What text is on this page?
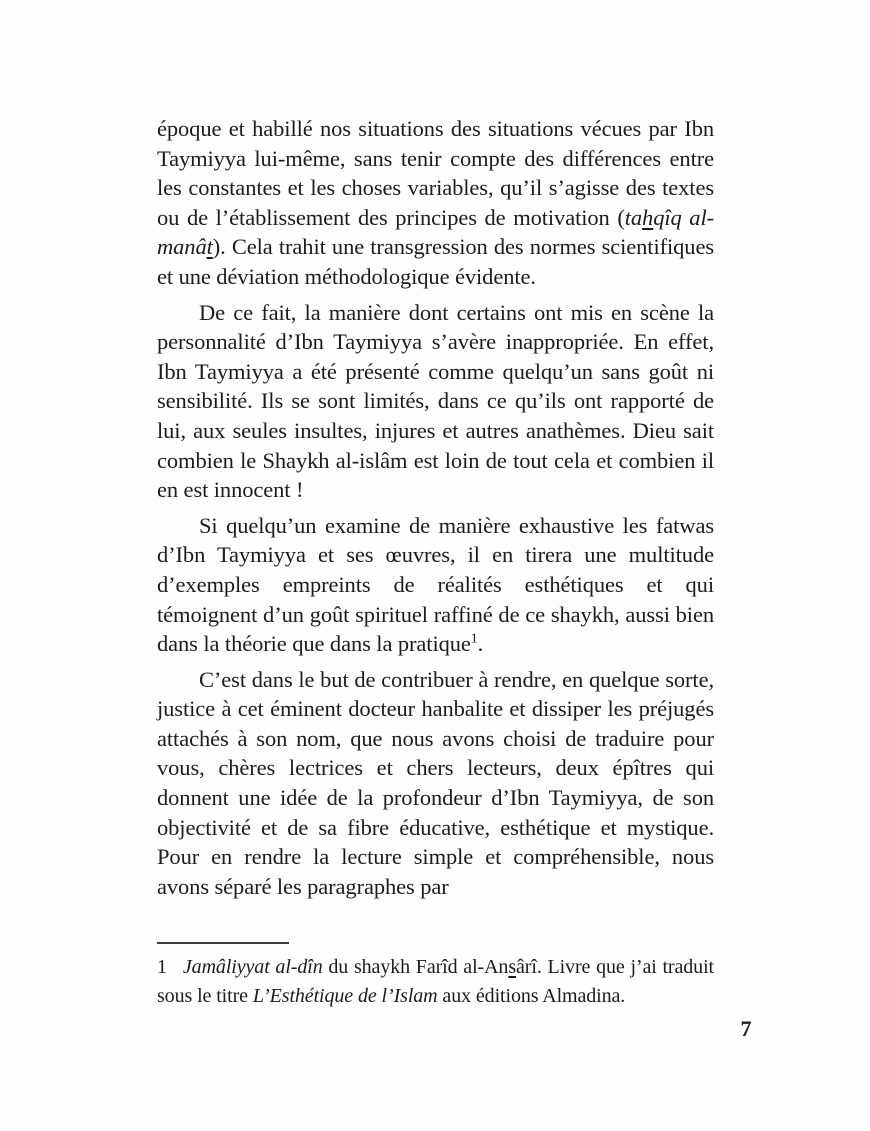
époque et habillé nos situations des situations vécues par Ibn Taymiyya lui-même, sans tenir compte des différences entre les constantes et les choses variables, qu’il s’agisse des textes ou de l’établissement des principes de motivation (tahqîq al-manât). Cela trahit une transgression des normes scientifiques et une déviation méthodologique évidente.

De ce fait, la manière dont certains ont mis en scène la personnalité d’Ibn Taymiyya s’avère inappropriée. En effet, Ibn Taymiyya a été présenté comme quelqu’un sans goût ni sensibilité. Ils se sont limités, dans ce qu’ils ont rapporté de lui, aux seules insultes, injures et autres anathèmes. Dieu sait combien le Shaykh al-islâm est loin de tout cela et combien il en est innocent !

Si quelqu’un examine de manière exhaustive les fatwas d’Ibn Taymiyya et ses œuvres, il en tirera une multitude d’exemples empreints de réalités esthétiques et qui témoignent d’un goût spirituel raffiné de ce shaykh, aussi bien dans la théorie que dans la pratique$^1$.

C’est dans le but de contribuer à rendre, en quelque sorte, justice à cet éminent docteur hanbalite et dissiper les préjugés attachés à son nom, que nous avons choisi de traduire pour vous, chères lectrices et chers lecteurs, deux épîtres qui donnent une idée de la profondeur d’Ibn Taymiyya, de son objectivité et de sa fibre éducative, esthétique et mystique. Pour en rendre la lecture simple et compréhensible, nous avons séparé les paragraphes par

1 Jamâliyyat al-dîn du shaykh Farîd al-Ansârî. Livre que j’ai traduit sous le titre L’Esthétique de l’Islam aux éditions Almadina.

7
